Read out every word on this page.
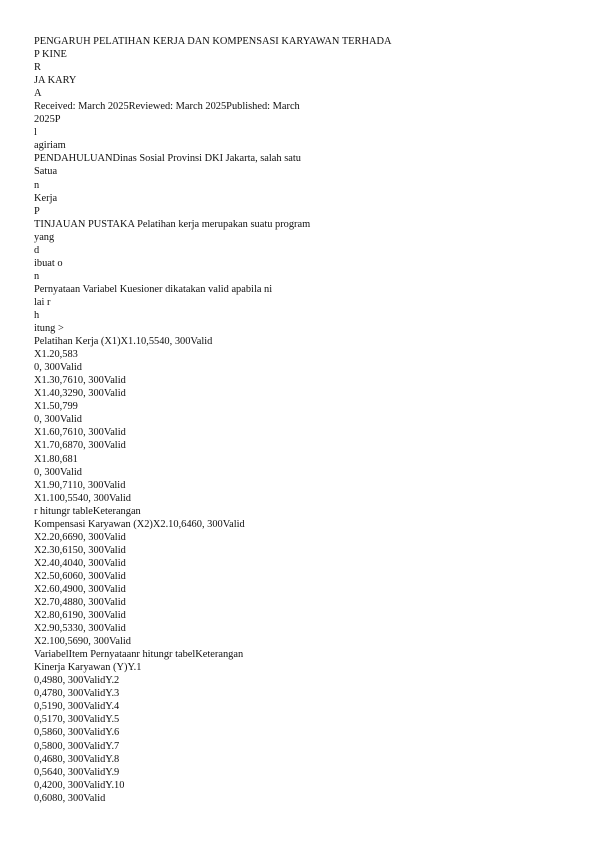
PENGARUH PELATIHAN KERJA DAN KOMPENSASI KARYAWAN TERHADA
P KINE
R
JA KARY
A
Received: March 2025Reviewed: March 2025Published: March
2025P
l
agiriam
PENDAHULUANDinas Sosial Provinsi DKI Jakarta, salah satu
Satua
n
Kerja
P
TINJAUAN PUSTAKA Pelatihan kerja merupakan suatu program
yang
d
ibuat o
n
Pernyataan Variabel Kuesioner dikatakan valid apabila ni
lai r
h
itung >
Pelatihan Kerja (X1)X1.10,5540, 300Valid
X1.20,583
0, 300Valid
X1.30,7610, 300Valid
X1.40,3290, 300Valid
X1.50,799
0, 300Valid
X1.60,7610, 300Valid
X1.70,6870, 300Valid
X1.80,681
0, 300Valid
X1.90,7110, 300Valid
X1.100,5540, 300Valid
r hitungr tableKeterangan
Kompensasi Karyawan (X2)X2.10,6460, 300Valid
X2.20,6690, 300Valid
X2.30,6150, 300Valid
X2.40,4040, 300Valid
X2.50,6060, 300Valid
X2.60,4900, 300Valid
X2.70,4880, 300Valid
X2.80,6190, 300Valid
X2.90,5330, 300Valid
X2.100,5690, 300Valid
VariabelItem Pernyataanr hitungr tabelKeterangan
Kinerja Karyawan (Y)Y.1
0,4980, 300ValidY.2
0,4780, 300ValidY.3
0,5190, 300ValidY.4
0,5170, 300ValidY.5
0,5860, 300ValidY.6
0,5800, 300ValidY.7
0,4680, 300ValidY.8
0,5640, 300ValidY.9
0,4200, 300ValidY.10
0,6080, 300Valid
